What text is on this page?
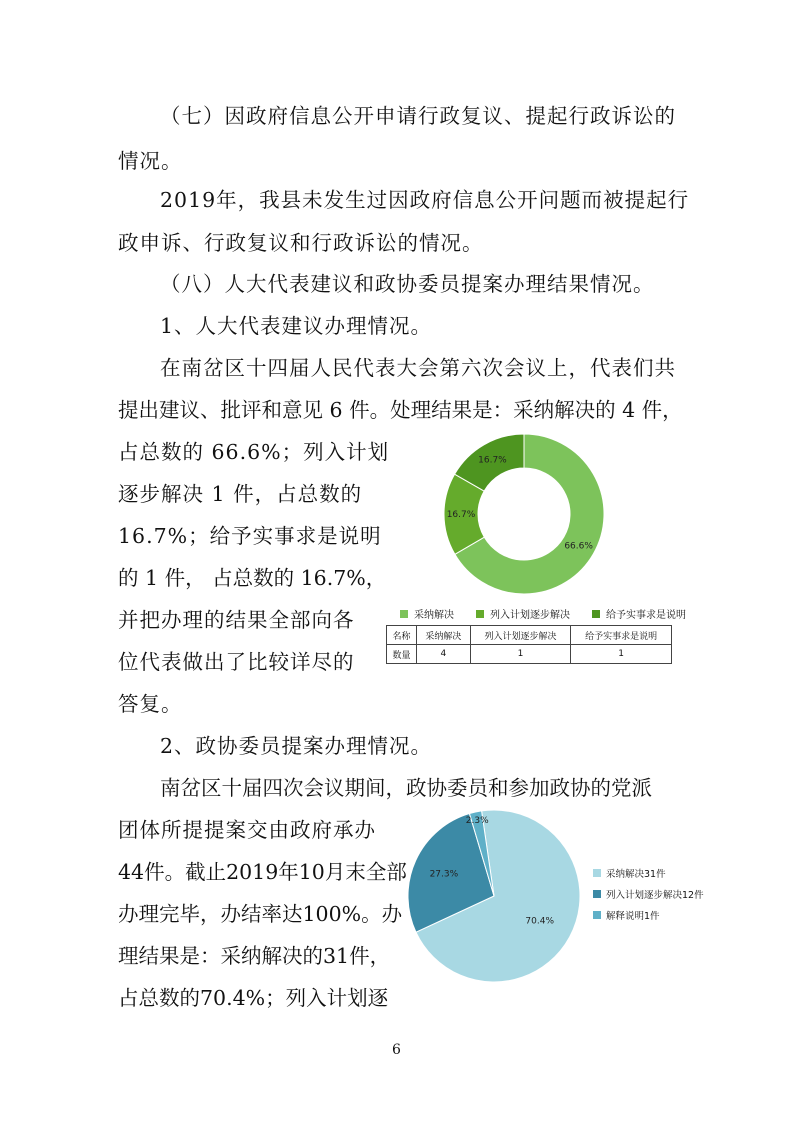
（七）因政府信息公开申请行政复议、提起行政诉讼的
情况。
2019年，我县未发生过因政府信息公开问题而被提起行
政申诉、行政复议和行政诉讼的情况。
（八）人大代表建议和政协委员提案办理结果情况。
1、人大代表建议办理情况。
在南岔区十四届人民代表大会第六次会议上，代表们共
提出建议、批评和意见 6 件。处理结果是：采纳解决的 4 件，
占总数的 66.6%；列入计划
逐步解决 1 件，占总数的
16.7%；给予实事求是说明
的 1 件， 占总数的 16.7%，
并把办理的结果全部向各
位代表做出了比较详尽的
答复。
2、政协委员提案办理情况。
南岔区十届四次会议期间，政协委员和参加政协的党派
团体所提提案交由政府承办
44件。截止2019年10月末全部
办理完毕，办结率达100%。办
理结果是：采纳解决的31件，
占总数的70.4%；列入计划逐
66.6%
16.7%
16.7%
采纳解决	列入计划逐步解决	给予实事求是说明
名称	采纳解决	列入计划逐步解决	给予实事求是说明
数量	4	1	1
70.4%
27.3%
2.3%
采纳解决31件
列入计划逐步解决12件
解释说明1件
6
